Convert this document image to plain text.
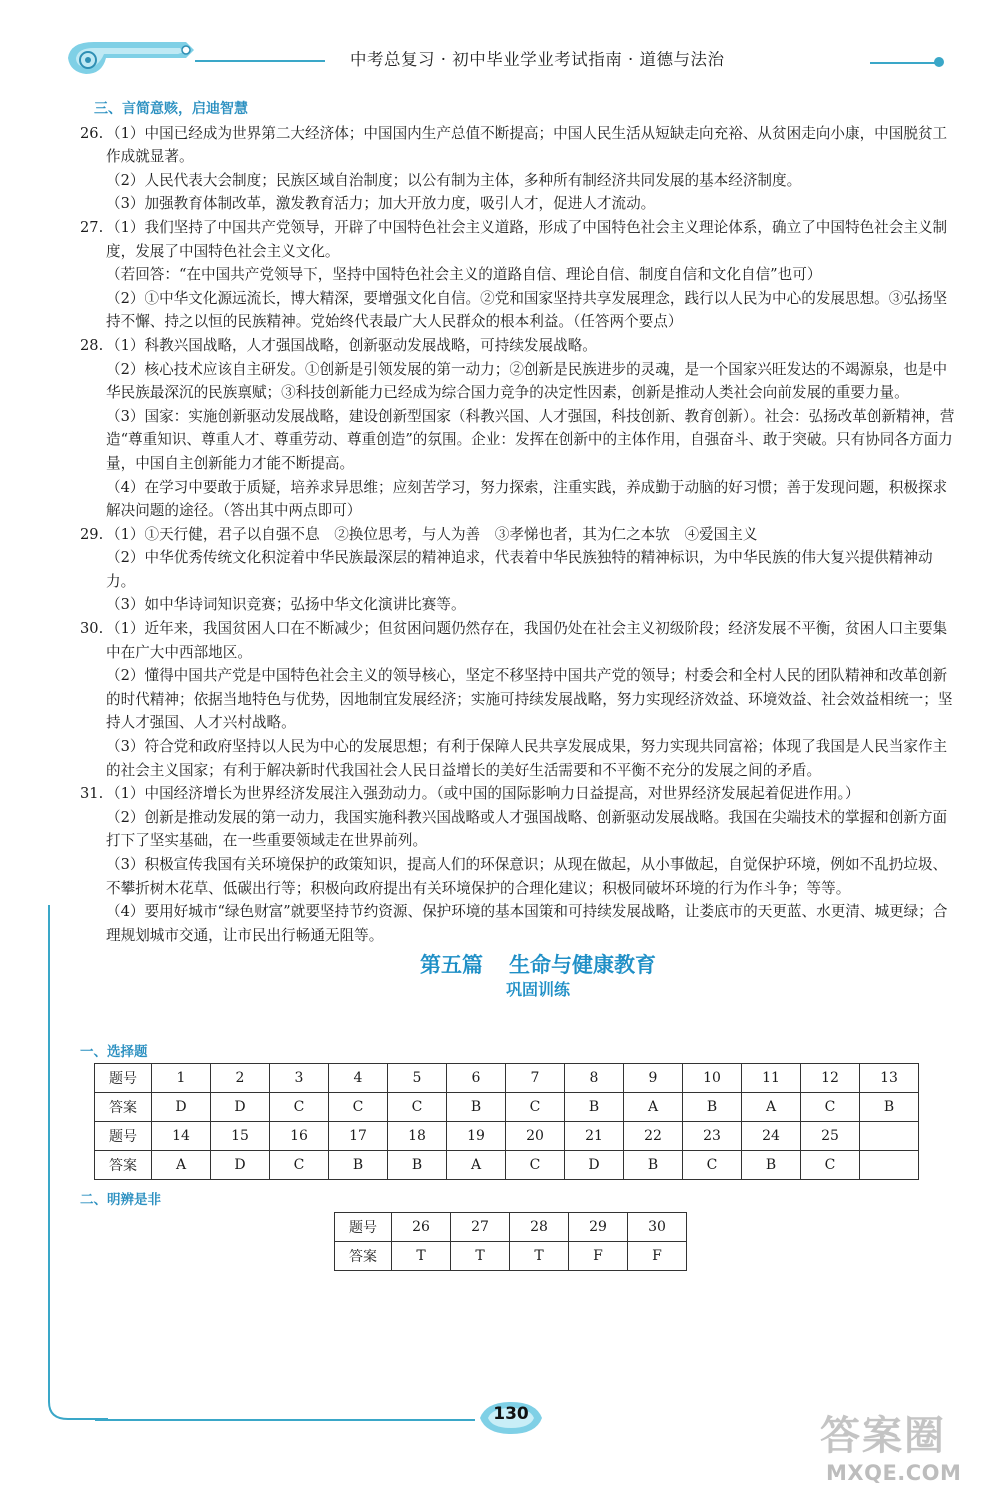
中考总复习 · 初中毕业学业考试指南 · 道德与法治
三、言简意赅，启迪智慧
26. （1）中国已经成为世界第二大经济体；中国国内生产总值不断提高；中国人民生活从短缺走向充裕、从贫困走向小康，中国脱贫工作成就显著。

（2）人民代表大会制度；民族区域自治制度；以公有制为主体，多种所有制经济共同发展的基本经济制度。

（3）加强教育体制改革，激发教育活力；加大开放力度，吸引人才，促进人才流动。

27. （1）我们坚持了中国共产党领导，开辟了中国特色社会主义道路，形成了中国特色社会主义理论体系，确立了中国特色社会主义制度，发展了中国特色社会主义文化。

（若回答：“在中国共产党领导下，坚持中国特色社会主义的道路自信、理论自信、制度自信和文化自信”也可）

（2）①中华文化源远流长，博大精深，要增强文化自信。②党和国家坚持共享发展理念，践行以人民为中心的发展思想。③弘扬坚持不懈、持之以恒的民族精神。党始终代表最广大人民群众的根本利益。（任答两个要点）

28. （1）科教兴国战略，人才强国战略，创新驱动发展战略，可持续发展战略。

（2）核心技术应该自主研发。①创新是引领发展的第一动力；②创新是民族进步的灵魂，是一个国家兴旺发达的不竭源泉，也是中华民族最深沉的民族禀赋；③科技创新能力已经成为综合国力竞争的决定性因素，创新是推动人类社会向前发展的重要力量。

（3）国家：实施创新驱动发展战略，建设创新型国家（科教兴国、人才强国，科技创新、教育创新）。社会：弘扬改革创新精神，营造“尊重知识、尊重人才、尊重劳动、尊重创造”的氛围。企业：发挥在创新中的主体作用，自强奋斗、敢于突破。只有协同各方面力量，中国自主创新能力才能不断提高。

（4）在学习中要敢于质疑，培养求异思维；应刻苦学习，努力探索，注重实践，养成勤于动脑的好习惯；善于发现问题，积极探求解决问题的途径。（答出其中两点即可）

29. （1）①天行健，君子以自强不息　②换位思考，与人为善　③孝悌也者，其为仁之本欤　④爱国主义

（2）中华优秀传统文化积淀着中华民族最深层的精神追求，代表着中华民族独特的精神标识，为中华民族的伟大复兴提供精神动力。

（3）如中华诗词知识竞赛；弘扬中华文化演讲比赛等。

30. （1）近年来，我国贫困人口在不断减少；但贫困问题仍然存在，我国仍处在社会主义初级阶段；经济发展不平衡，贫困人口主要集中在广大中西部地区。

（2）懂得中国共产党是中国特色社会主义的领导核心，坚定不移坚持中国共产党的领导；村委会和全村人民的团队精神和改革创新的时代精神；依据当地特色与优势，因地制宜发展经济；实施可持续发展战略，努力实现经济效益、环境效益、社会效益相统一；坚持人才强国、人才兴村战略。

（3）符合党和政府坚持以人民为中心的发展思想；有利于保障人民共享发展成果，努力实现共同富裕；体现了我国是人民当家作主的社会主义国家；有利于解决新时代我国社会人民日益增长的美好生活需要和不平衡不充分的发展之间的矛盾。

31. （1）中国经济增长为世界经济发展注入强劲动力。（或中国的国际影响力日益提高，对世界经济发展起着促进作用。）

（2）创新是推动发展的第一动力，我国实施科教兴国战略或人才强国战略、创新驱动发展战略。我国在尖端技术的掌握和创新方面打下了坚实基础，在一些重要领域走在世界前列。

（3）积极宣传我国有关环境保护的政策知识，提高人们的环保意识；从现在做起，从小事做起，自觉保护环境，例如不乱扔垃圾、不攀折树木花草、低碳出行等；积极向政府提出有关环境保护的合理化建议；积极同破坏环境的行为作斗争；等等。

（4）要用好城市“绿色财富”就要坚持节约资源、保护环境的基本国策和可持续发展战略，让娄底市的天更蓝、水更清、城更绿；合理规划城市交通，让市民出行畅通无阻等。

第五篇 生命与健康教育
巩固训练
一、选择题
题号	1	2	3	4	5	6	7	8	9	10	11	12	13
答案	D	D	C	C	C	B	C	B	A	B	A	C	B
题号	14	15	16	17	18	19	20	21	22	23	24	25	
答案	A	D	C	B	B	A	C	D	B	C	B	C	
二、明辨是非
题号	26	27	28	29	30
答案	T	T	T	F	F
130	答案圈
MXQE.COM
